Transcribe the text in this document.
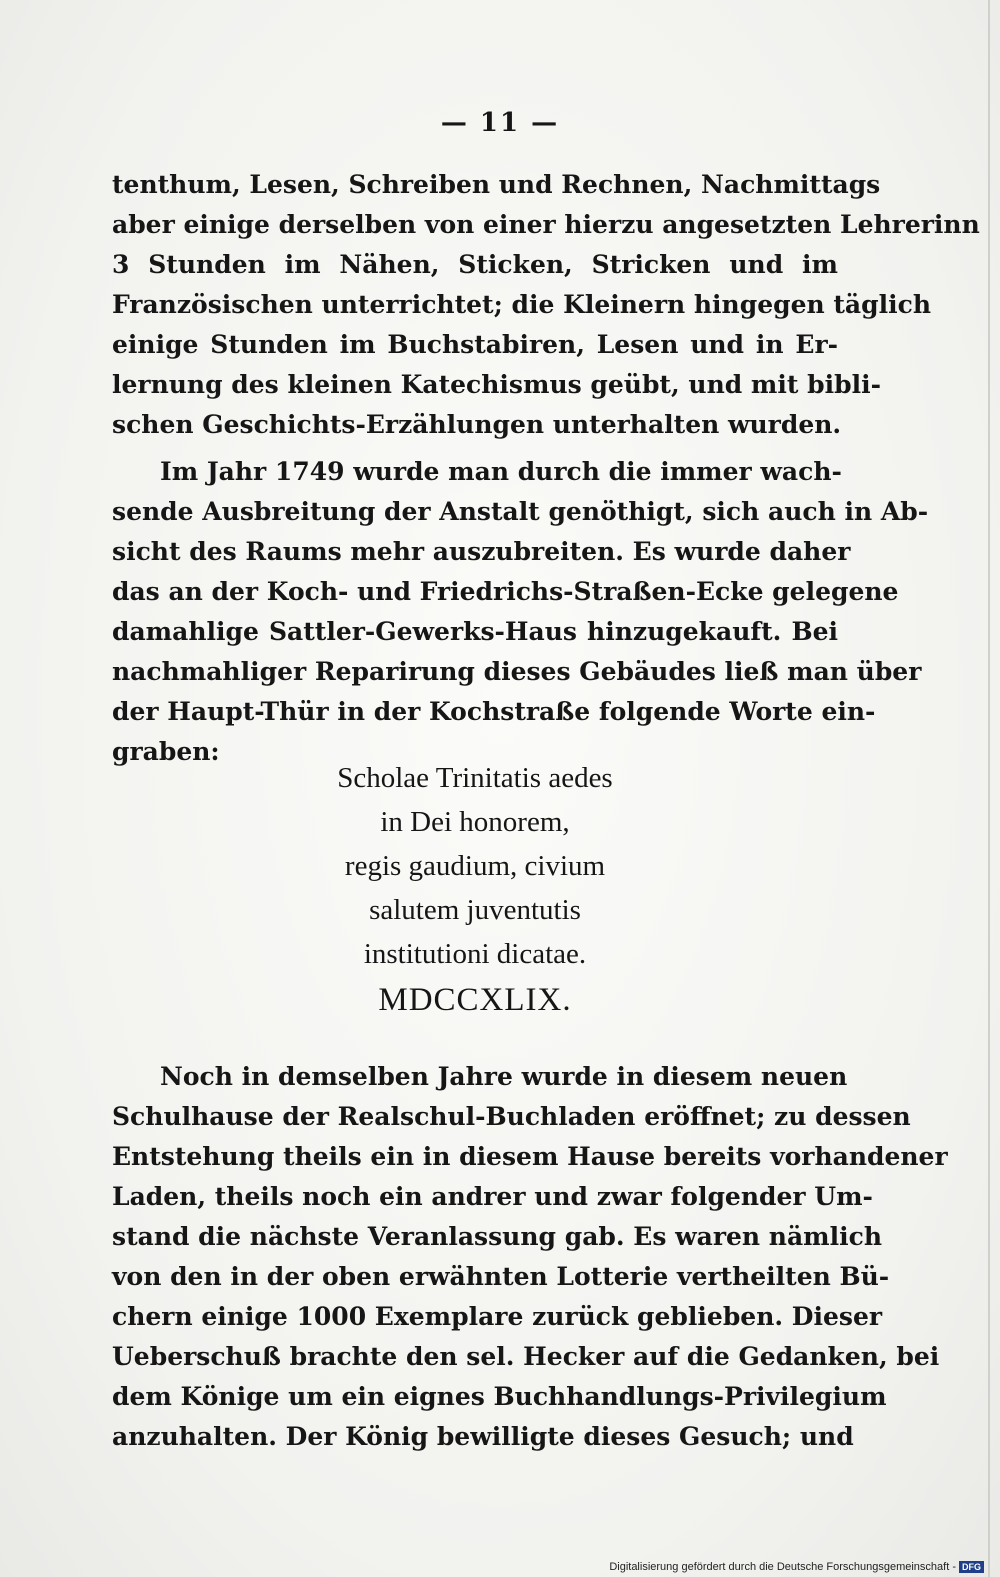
— 11 —
tenthum, Lesen, Schreiben und Rechnen, Nachmittags
aber einige derselben von einer hierzu angesetzten Lehrerinn
3 Stunden im Nähen, Sticken, Stricken und im
Französischen unterrichtet; die Kleinern hingegen täglich
einige Stunden im Buchstabiren, Lesen und in Er-
lernung des kleinen Katechismus geübt, und mit bibli-
schen Geschichts-Erzählungen unterhalten wurden.
Im Jahr 1749 wurde man durch die immer wach-
sende Ausbreitung der Anstalt genöthigt, sich auch in Ab-
sicht des Raums mehr auszubreiten. Es wurde daher
das an der Koch- und Friedrichs-Straßen-Ecke gelegene
damahlige Sattler-Gewerks-Haus hinzugekauft. Bei
nachmahliger Reparirung dieses Gebäudes ließ man über
der Haupt-Thür in der Kochstraße folgende Worte ein-
graben:
Scholae Trinitatis aedes
in Dei honorem,
regis gaudium, civium
salutem juventutis
institutioni dicatae.
MDCCXLIX.
Noch in demselben Jahre wurde in diesem neuen
Schulhause der Realschul-Buchladen eröffnet; zu dessen
Entstehung theils ein in diesem Hause bereits vorhandener
Laden, theils noch ein andrer und zwar folgender Um-
stand die nächste Veranlassung gab. Es waren nämlich
von den in der oben erwähnten Lotterie vertheilten Bü-
chern einige 1000 Exemplare zurück geblieben. Dieser
Ueberschuß brachte den sel. Hecker auf die Gedanken, bei
dem Könige um ein eignes Buchhandlungs-Privilegium
anzuhalten. Der König bewilligte dieses Gesuch; und
Digitalisierung gefördert durch die Deutsche Forschungsgemeinschaft - DFG
